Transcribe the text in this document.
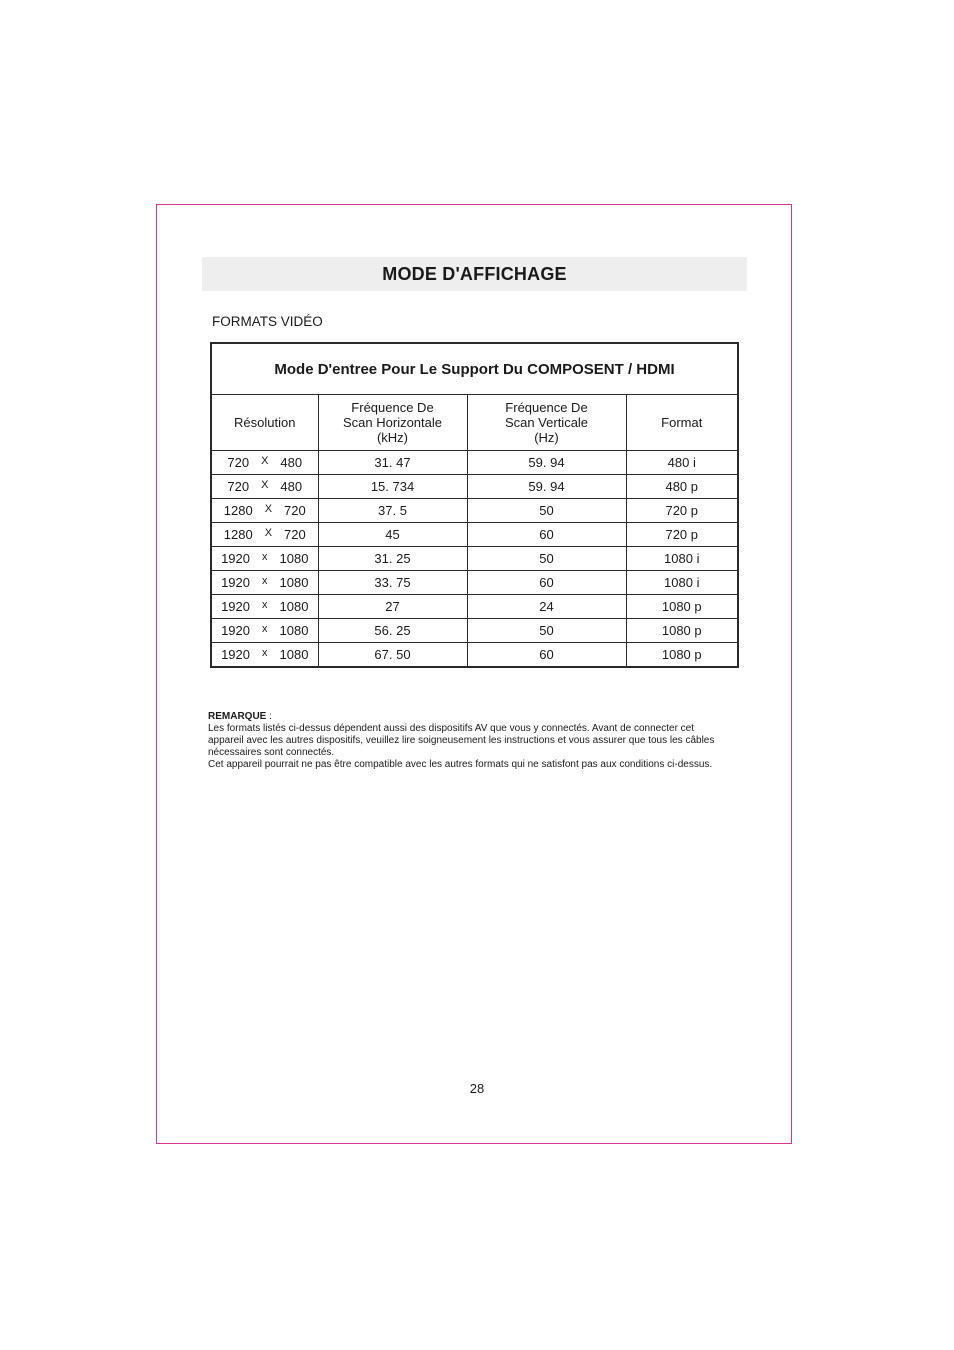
MODE D'AFFICHAGE
FORMATS VIDÉO
Mode D'entree Pour Le Support Du COMPOSENT / HDMI			
Résolution	Fréquence De
Scan Horizontale
(kHz)	Fréquence De
Scan Verticale
(Hz)	Format

720 X 480	31. 47	59. 94	480 i

720 X 480	15. 734	59. 94	480 p

1280 X 720	37. 5	50	720 p

1280 X 720	45	60	720 p

1920 x 1080	31. 25	50	1080 i

1920 x 1080	33. 75	60	1080 i

1920 x 1080	27	24	1080 p

1920 x 1080	56. 25	50	1080 p

1920 x 1080	67. 50	60	1080 p

REMARQUE :

Les formats listés ci-dessus dépendent aussi des dispositifs AV que vous y connectés. Avant de connecter cet appareil avec les autres dispositifs, veuillez lire soigneusement les instructions et vous assurer que tous les câbles nécessaires sont connectés.

Cet appareil pourrait ne pas être compatible avec les autres formats qui ne satisfont pas aux conditions ci-dessus.

28
